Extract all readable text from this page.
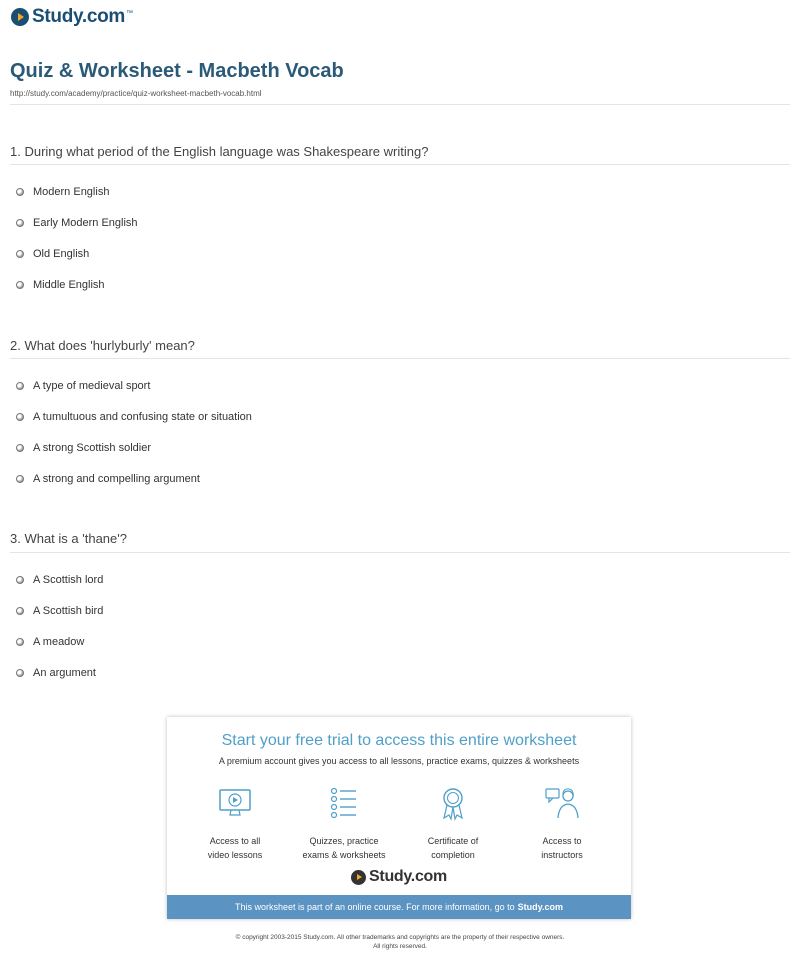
Study.com ™
Quiz & Worksheet - Macbeth Vocab
http://study.com/academy/practice/quiz-worksheet-macbeth-vocab.html
1. During what period of the English language was Shakespeare writing?
Modern English
Early Modern English
Old English
Middle English
2. What does 'hurlyburly' mean?
A type of medieval sport
A tumultuous and confusing state or situation
A strong Scottish soldier
A strong and compelling argument
3. What is a 'thane'?
A Scottish lord
A Scottish bird
A meadow
An argument
Start your free trial to access this entire worksheet
A premium account gives you access to all lessons, practice exams, quizzes & worksheets
Access to all
video lessons
Quizzes, practice
exams & worksheets
Certificate of
completion
Access to
instructors
Study.com
This worksheet is part of an online course. For more information, go to Study.com
© copyright 2003-2015 Study.com. All other trademarks and copyrights are the property of their respective owners.
All rights reserved.
